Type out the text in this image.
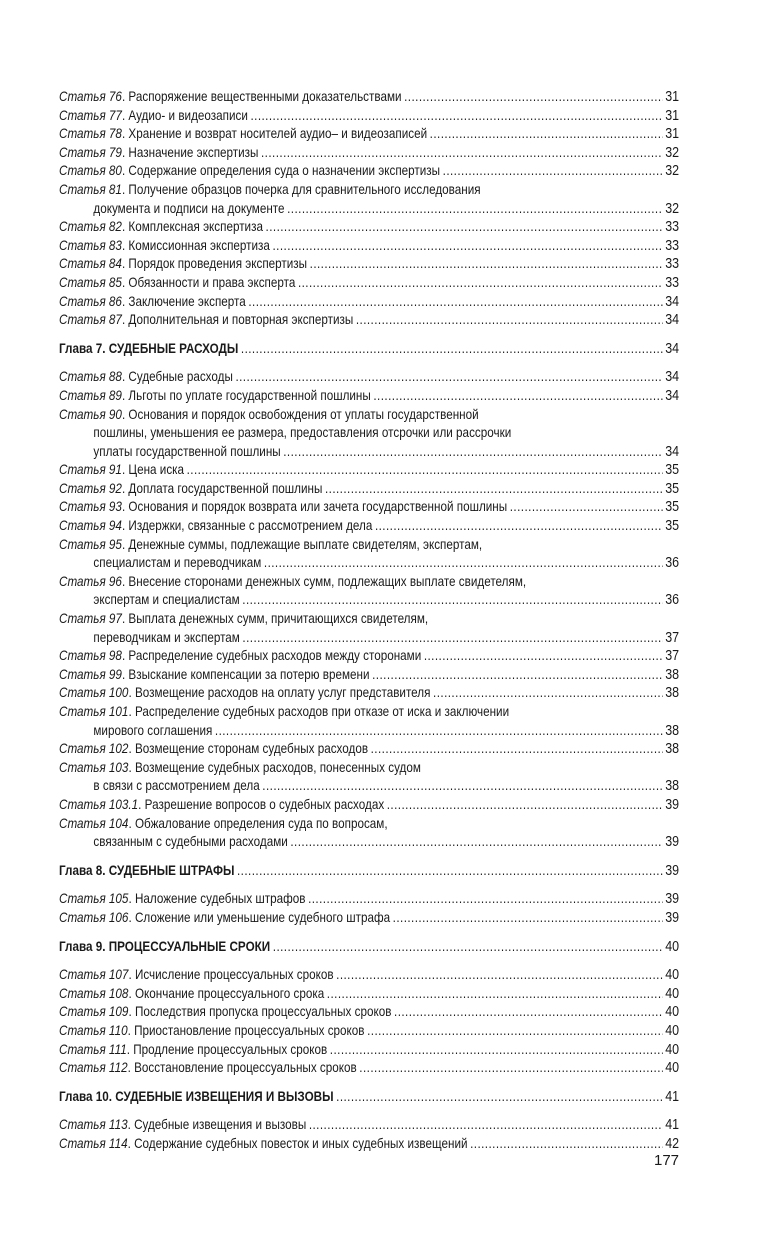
Статья 76. Распоряжение вещественными доказательствами .....	31
Статья 77. Аудио- и видеозаписи .....	31
Статья 78. Хранение и возврат носителей аудио– и видеозаписей .....	31
Статья 79. Назначение экспертизы .....	32
Статья 80. Содержание определения суда о назначении экспертизы .....	32
Статья 81. Получение образцов почерка для сравнительного исследования
документа и подписи на документе .....	32
Статья 82. Комплексная экспертиза .....	33
Статья 83. Комиссионная экспертиза .....	33
Статья 84. Порядок проведения экспертизы .....	33
Статья 85. Обязанности и права эксперта .....	33
Статья 86. Заключение эксперта .....	34
Статья 87. Дополнительная и повторная экспертизы .....	34
Глава 7. СУДЕБНЫЕ РАСХОДЫ .....	34
Статья 88. Судебные расходы .....	34
Статья 89. Льготы по уплате государственной пошлины .....	34
Статья 90. Основания и порядок освобождения от уплаты государственной
пошлины, уменьшения ее размера, предоставления отсрочки или рассрочки
уплаты государственной пошлины .....	34
Статья 91. Цена иска .....	35
Статья 92. Доплата государственной пошлины .....	35
Статья 93. Основания и порядок возврата или зачета государственной пошлины .....	35
Статья 94. Издержки, связанные с рассмотрением дела .....	35
Статья 95. Денежные суммы, подлежащие выплате свидетелям, экспертам,
специалистам и переводчикам .....	36
Статья 96. Внесение сторонами денежных сумм, подлежащих выплате свидетелям,
экспертам и специалистам .....	36
Статья 97. Выплата денежных сумм, причитающихся свидетелям,
переводчикам и экспертам .....	37
Статья 98. Распределение судебных расходов между сторонами .....	37
Статья 99. Взыскание компенсации за потерю времени .....	38
Статья 100. Возмещение расходов на оплату услуг представителя .....	38
Статья 101. Распределение судебных расходов при отказе от иска и заключении
мирового соглашения .....	38
Статья 102. Возмещение сторонам судебных расходов .....	38
Статья 103. Возмещение судебных расходов, понесенных судом
в связи с рассмотрением дела .....	38
Статья 103.1. Разрешение вопросов о судебных расходах .....	39
Статья 104. Обжалование определения суда по вопросам,
связанным с судебными расходами .....	39
Глава 8. СУДЕБНЫЕ ШТРАФЫ .....	39
Статья 105. Наложение судебных штрафов .....	39
Статья 106. Сложение или уменьшение судебного штрафа .....	39
Глава 9. ПРОЦЕССУАЛЬНЫЕ СРОКИ .....	40
Статья 107. Исчисление процессуальных сроков .....	40
Статья 108. Окончание процессуального срока .....	40
Статья 109. Последствия пропуска процессуальных сроков .....	40
Статья 110. Приостановление процессуальных сроков .....	40
Статья 111. Продление процессуальных сроков .....	40
Статья 112. Восстановление процессуальных сроков .....	40
Глава 10. СУДЕБНЫЕ ИЗВЕЩЕНИЯ И ВЫЗОВЫ .....	41
Статья 113. Судебные извещения и вызовы .....	41
Статья 114. Содержание судебных повесток и иных судебных извещений .....	42
177
